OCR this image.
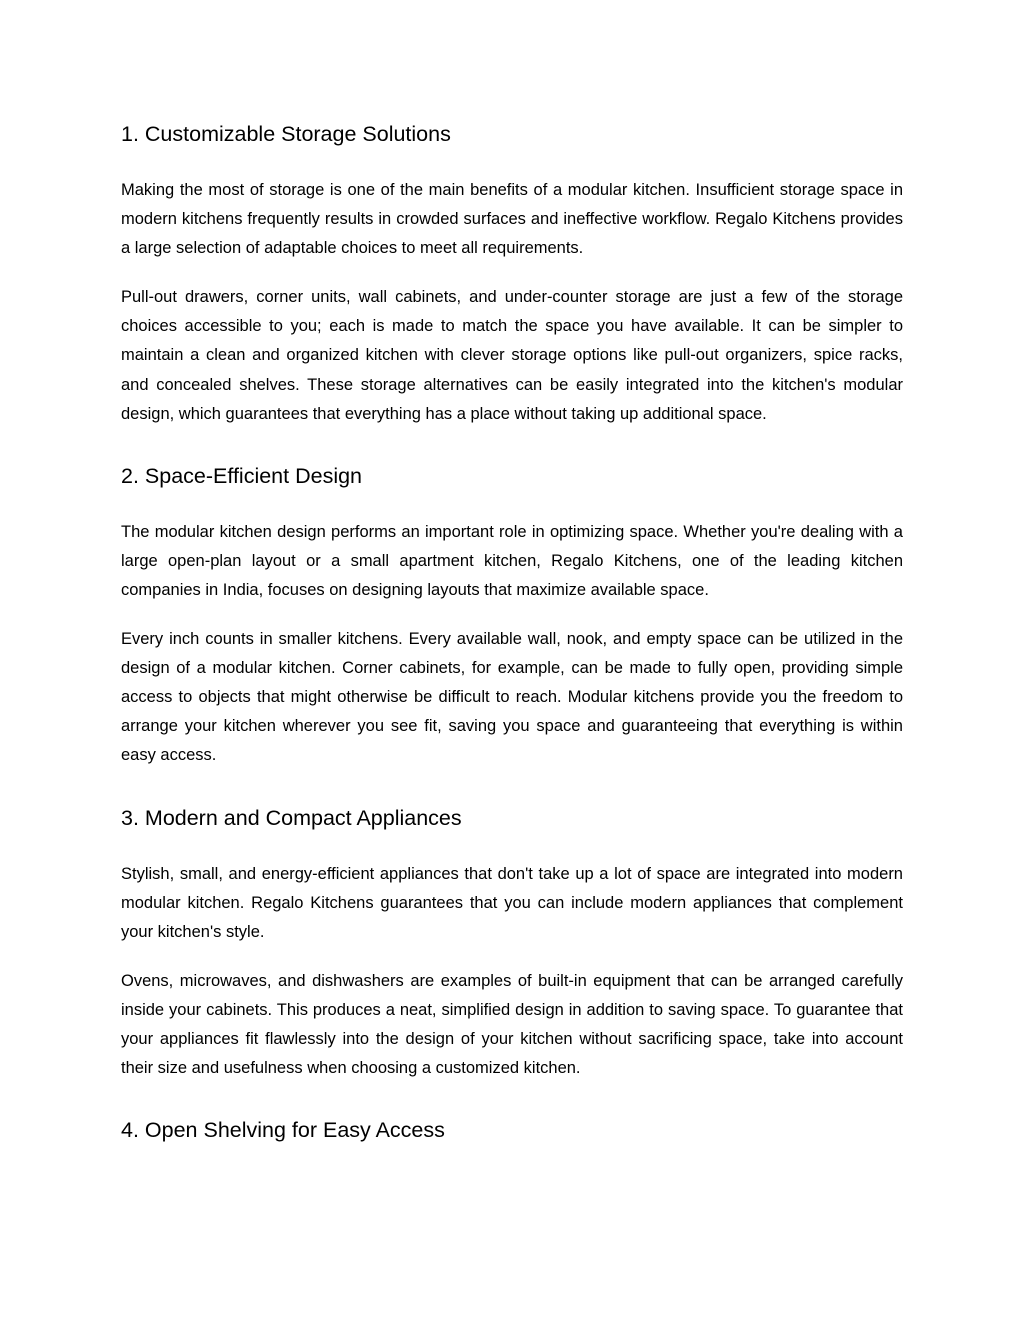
1. Customizable Storage Solutions

Making the most of storage is one of the main benefits of a modular kitchen. Insufficient storage space in modern kitchens frequently results in crowded surfaces and ineffective workflow. Regalo Kitchens provides a large selection of adaptable choices to meet all requirements.

Pull-out drawers, corner units, wall cabinets, and under-counter storage are just a few of the storage choices accessible to you; each is made to match the space you have available. It can be simpler to maintain a clean and organized kitchen with clever storage options like pull-out organizers, spice racks, and concealed shelves. These storage alternatives can be easily integrated into the kitchen's modular design, which guarantees that everything has a place without taking up additional space.

2. Space-Efficient Design

The modular kitchen design performs an important role in optimizing space. Whether you're dealing with a large open-plan layout or a small apartment kitchen, Regalo Kitchens, one of the leading kitchen companies in India, focuses on designing layouts that maximize available space.

Every inch counts in smaller kitchens. Every available wall, nook, and empty space can be utilized in the design of a modular kitchen. Corner cabinets, for example, can be made to fully open, providing simple access to objects that might otherwise be difficult to reach. Modular kitchens provide you the freedom to arrange your kitchen wherever you see fit, saving you space and guaranteeing that everything is within easy access.

3. Modern and Compact Appliances

Stylish, small, and energy-efficient appliances that don't take up a lot of space are integrated into modern modular kitchen. Regalo Kitchens guarantees that you can include modern appliances that complement your kitchen's style.

Ovens, microwaves, and dishwashers are examples of built-in equipment that can be arranged carefully inside your cabinets. This produces a neat, simplified design in addition to saving space. To guarantee that your appliances fit flawlessly into the design of your kitchen without sacrificing space, take into account their size and usefulness when choosing a customized kitchen.

4. Open Shelving for Easy Access
